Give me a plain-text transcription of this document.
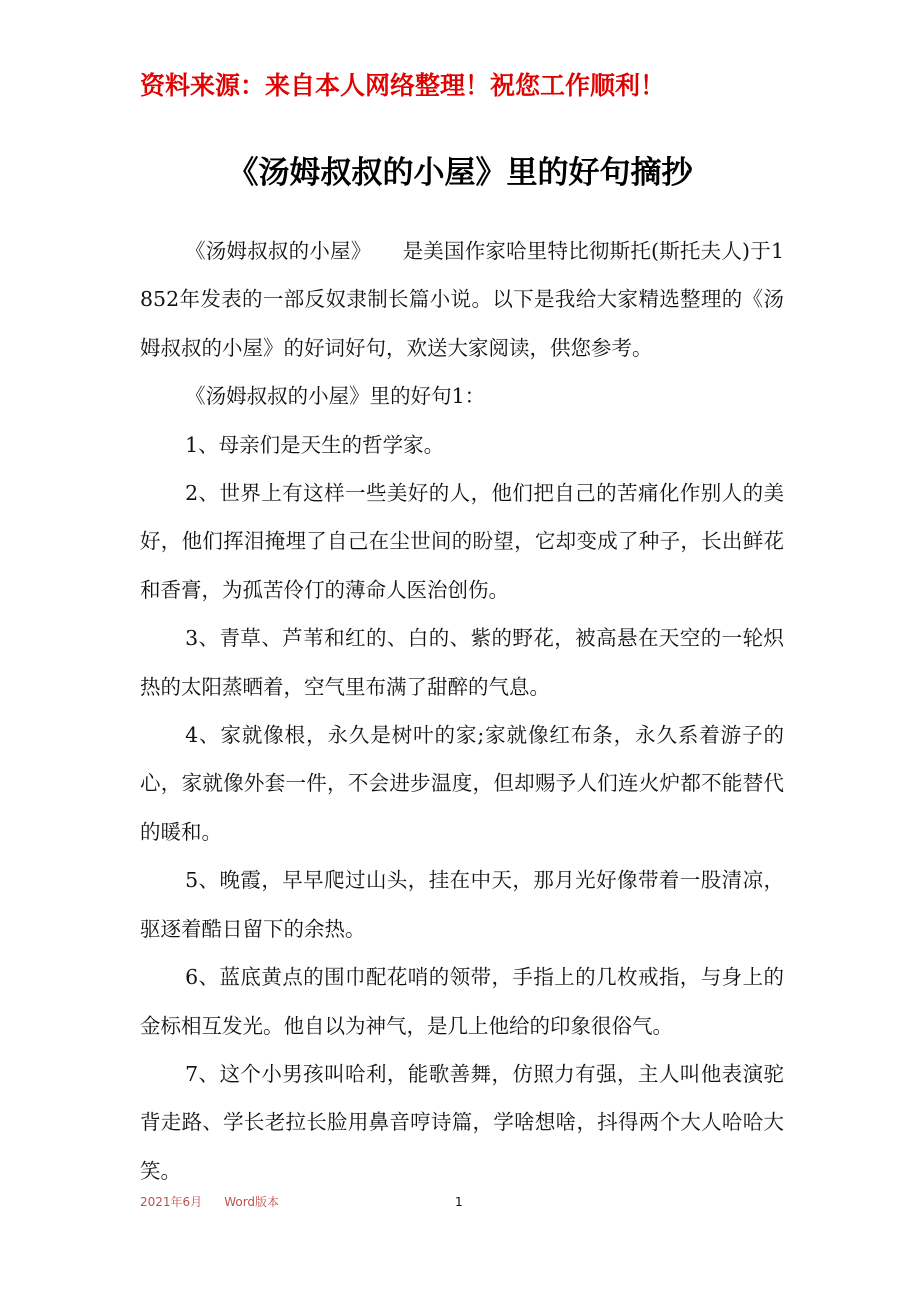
资料来源：来自本人网络整理！祝您工作顺利！
《汤姆叔叔的小屋》里的好句摘抄

《汤姆叔叔的小屋》　　是美国作家哈里特比彻斯托(斯托夫人)于1852年发表的一部反奴隶制长篇小说。以下是我给大家精选整理的《汤姆叔叔的小屋》的好词好句，欢送大家阅读，供您参考。

《汤姆叔叔的小屋》里的好句1：

1、母亲们是天生的哲学家。

2、世界上有这样一些美好的人，他们把自己的苦痛化作别人的美好，他们挥泪掩埋了自己在尘世间的盼望，它却变成了种子，长出鲜花和香膏，为孤苦伶仃的薄命人医治创伤。

3、青草、芦苇和红的、白的、紫的野花，被高悬在天空的一轮炽热的太阳蒸晒着，空气里布满了甜醉的气息。

4、家就像根，永久是树叶的家;家就像红布条，永久系着游子的心，家就像外套一件，不会进步温度，但却赐予人们连火炉都不能替代的暖和。

5、晚霞，早早爬过山头，挂在中天，那月光好像带着一股清凉，驱逐着酷日留下的余热。

6、蓝底黄点的围巾配花哨的领带，手指上的几枚戒指，与身上的金标相互发光。他自以为神气，是几上他给的印象很俗气。

7、这个小男孩叫哈利，能歌善舞，仿照力有强，主人叫他表演驼背走路、学长老拉长脸用鼻音哼诗篇，学啥想啥，抖得两个大人哈哈大笑。

2021年6月 Word版本	1
